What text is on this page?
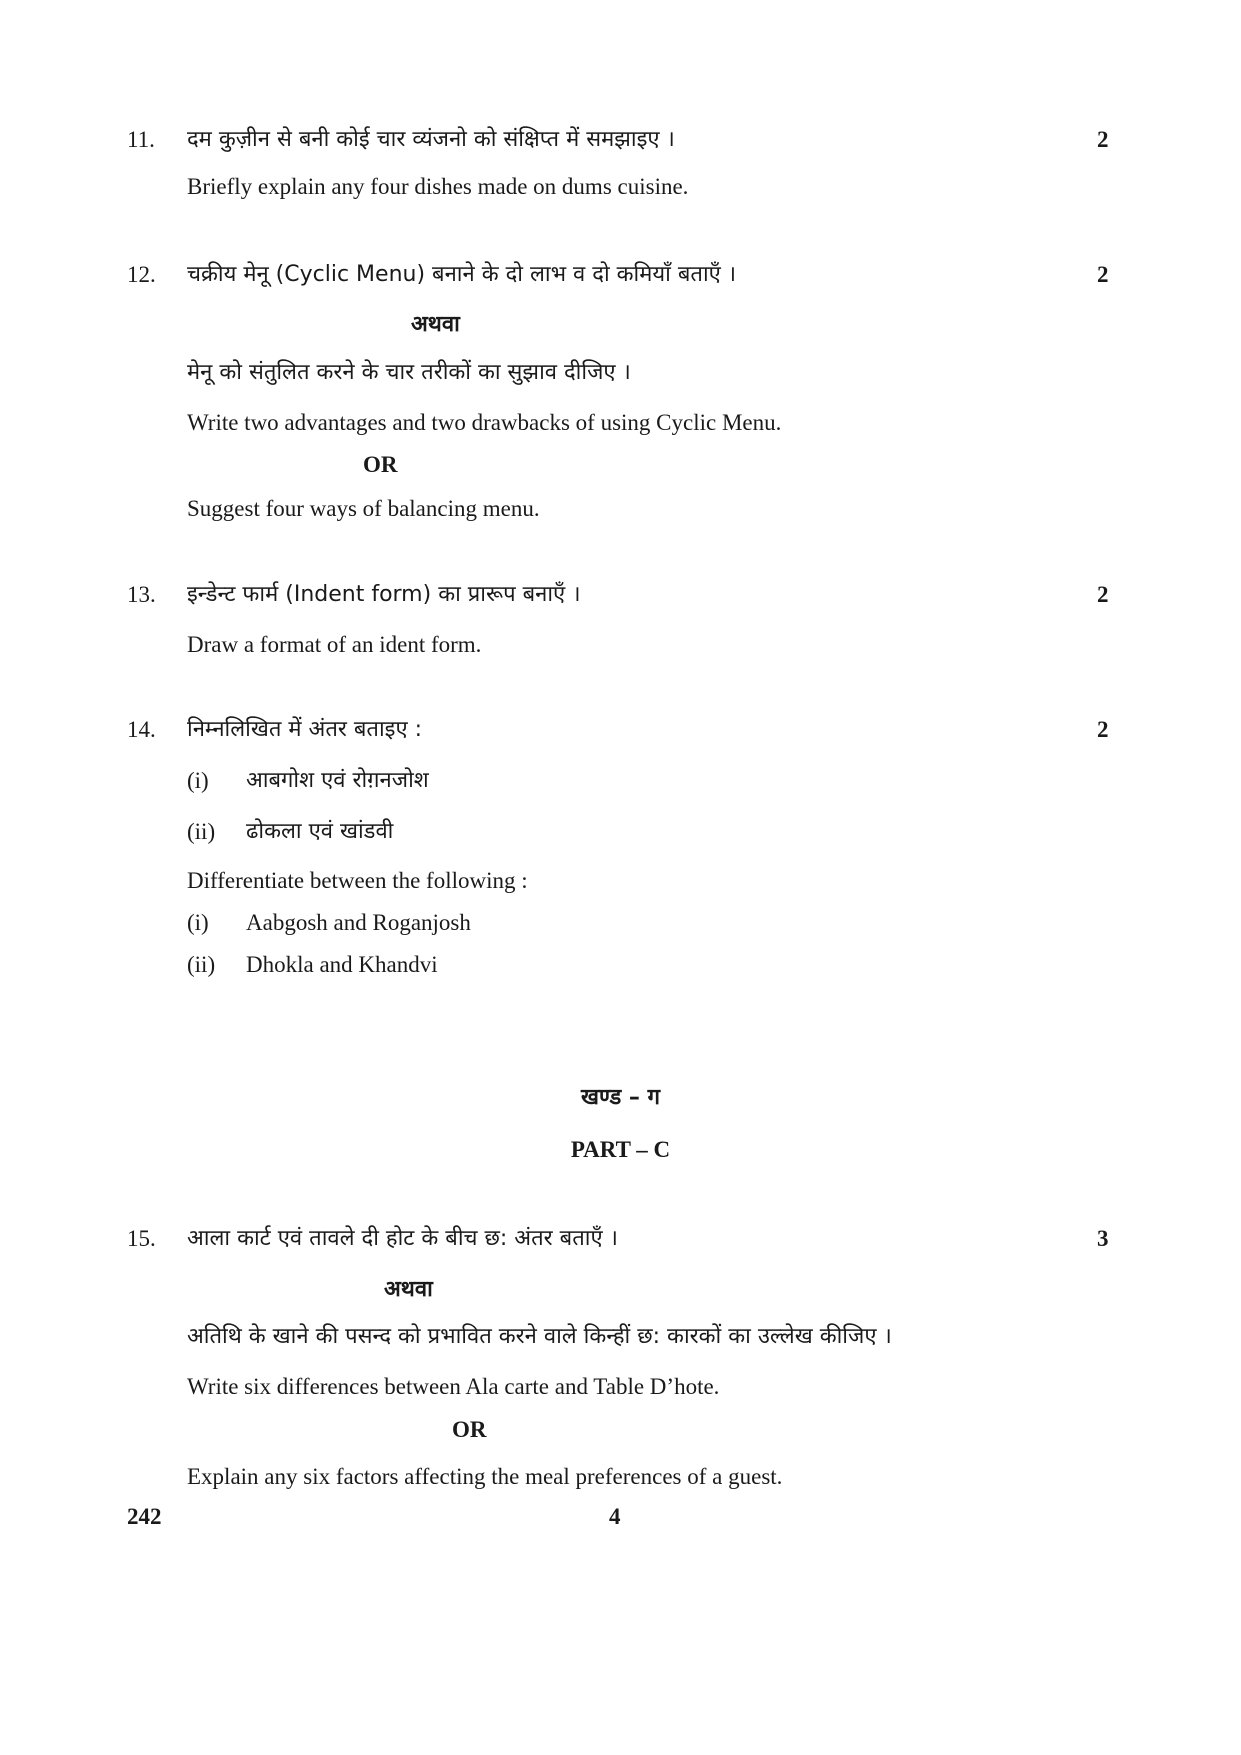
11. दम कुज़ीन से बनी कोई चार व्यंजनो को संक्षिप्त में समझाइए ।	2
Briefly explain any four dishes made on dums cuisine.
12. चक्रीय मेनू (Cyclic Menu) बनाने के दो लाभ व दो कमियाँ बताएँ ।	2
अथवा
मेनू को संतुलित करने के चार तरीकों का सुझाव दीजिए ।
Write two advantages and two drawbacks of using Cyclic Menu.
OR
Suggest four ways of balancing menu.
13. इन्डेन्ट फार्म (Indent form) का प्रारूप बनाएँ ।	2
Draw a format of an ident form.
14. निम्नलिखित में अंतर बताइए :	2
(i) आबगोश एवं रोग़नजोश
(ii) ढोकला एवं खांडवी
Differentiate between the following :
(i) Aabgosh and Roganjosh
(ii) Dhokla and Khandvi
खण्ड – ग
PART – C
15. आला कार्ट एवं तावले दी होट के बीच छ: अंतर बताएँ ।	3
अथवा
अतिथि के खाने की पसन्द को प्रभावित करने वाले किन्हीं छ: कारकों का उल्लेख कीजिए ।
Write six differences between Ala carte and Table D’hote.
OR
Explain any six factors affecting the meal preferences of a guest.
242	4
